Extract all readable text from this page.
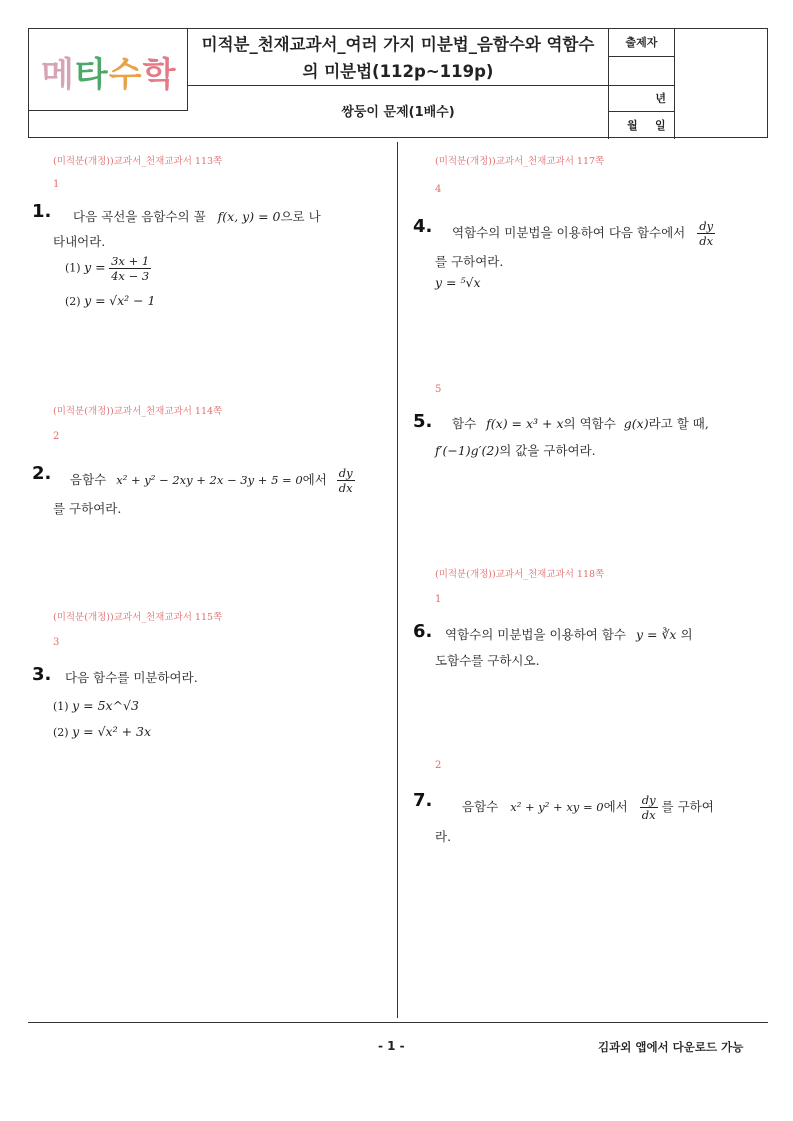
메타수학
미적분_천재교과서_여러 가지 미분법_음함수와 역함수
의 미분법(112p~119p)
쌍둥이 문제(1배수)
출제자
년
월 일
(미적분(개정))교과서_천재교과서 113쪽
1
1. 다음 곡선을 음함수의 꼴 f(x, y) = 0으로 나
타내어라.
(1) $y = \frac{3x + 1}{4x - 3}$
(2) y = √x² − 1
(미적분(개정))교과서_천재교과서 114쪽
2
2. 음함수 x² + y² − 2xy + 2x − 3y + 5 = 0에서 $\frac{dy}{dx}$
를 구하여라.
(미적분(개정))교과서_천재교과서 115쪽
3
3. 다음 함수를 미분하여라.
(1) y = 5x^√3
(2) y = √x² + 3x
(미적분(개정))교과서_천재교과서 117쪽
4
4. 역함수의 미분법을 이용하여 다음 함수에서 $\frac{dy}{dx}$
를 구하여라.
y = ⁵√x
5
5. 함수 f(x) = x³ + x의 역함수 g(x)라고 할 때,
f′(−1)g′(2)의 값을 구하여라.
(미적분(개정))교과서_천재교과서 118쪽
1
6. 역함수의 미분법을 이용하여 함수 y = ∛x 의
도함수를 구하시오.
2
7. 음함수 x² + y² + xy = 0에서 $\frac{dy}{dx}$ 를 구하여
라.
- 1 -	김과외 앱에서 다운로드 가능
